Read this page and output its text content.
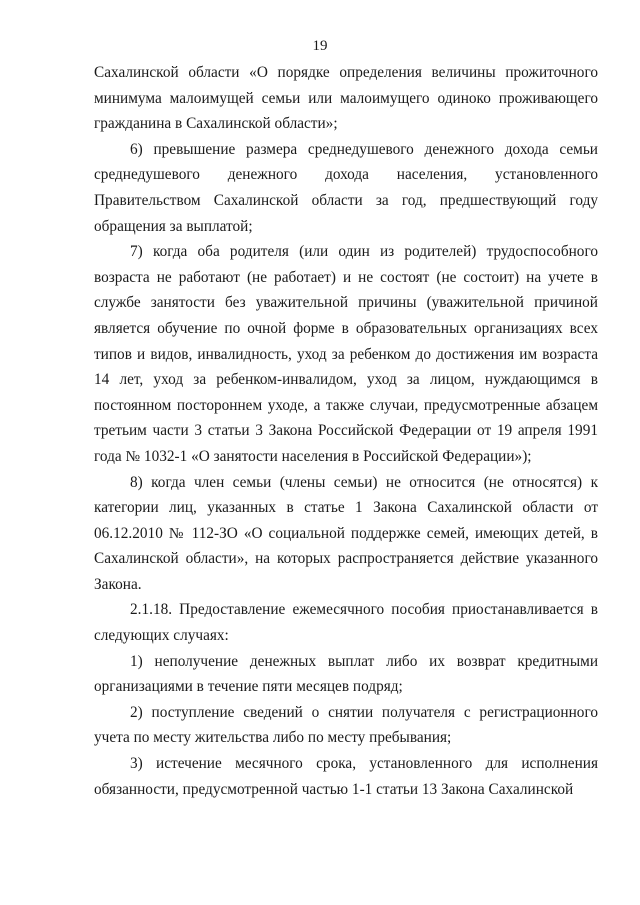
19

Сахалинской области «О порядке определения величины прожиточного минимума малоимущей семьи или малоимущего одиноко проживающего гражданина в Сахалинской области»;

6) превышение размера среднедушевого денежного дохода семьи среднедушевого денежного дохода населения, установленного Правительством Сахалинской области за год, предшествующий году обращения за выплатой;

7) когда оба родителя (или один из родителей) трудоспособного возраста не работают (не работает) и не состоят (не состоит) на учете в службе занятости без уважительной причины (уважительной причиной является обучение по очной форме в образовательных организациях всех типов и видов, инвалидность, уход за ребенком до достижения им возраста 14 лет, уход за ребенком-инвалидом, уход за лицом, нуждающимся в постоянном постороннем уходе, а также случаи, предусмотренные абзацем третьим части 3 статьи 3 Закона Российской Федерации от 19 апреля 1991 года № 1032-1 «О занятости населения в Российской Федерации»);

8) когда член семьи (члены семьи) не относится (не относятся) к категории лиц, указанных в статье 1 Закона Сахалинской области от 06.12.2010 № 112-ЗО «О социальной поддержке семей, имеющих детей, в Сахалинской области», на которых распространяется действие указанного Закона.

2.1.18. Предоставление ежемесячного пособия приостанавливается в следующих случаях:

1) неполучение денежных выплат либо их возврат кредитными организациями в течение пяти месяцев подряд;

2) поступление сведений о снятии получателя с регистрационного учета по месту жительства либо по месту пребывания;

3) истечение месячного срока, установленного для исполнения обязанности, предусмотренной частью 1-1 статьи 13 Закона Сахалинской
